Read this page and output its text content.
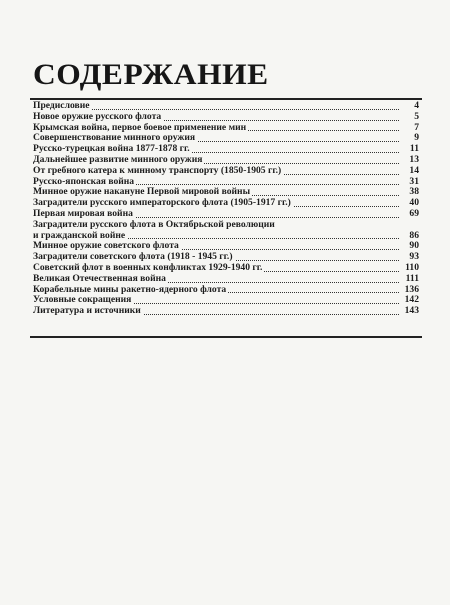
СОДЕРЖАНИЕ
Предисловие	4
Новое оружие русского флота	5
Крымская война, первое боевое применение мин	7
Совершенствование минного оружия	9
Русско-турецкая война 1877-1878 гг.	11
Дальнейшее развитие минного оружия	13
От гребного катера к минному транспорту (1850-1905 гг.)	14
Русско-японская война	31
Минное оружие накануне Первой мировой войны	38
Заградители русского императорского флота (1905-1917 гг.)	40
Первая мировая война	69
Заградители русского флота в Октябрьской революции
и гражданской войне	86
Минное оружие советского флота	90
Заградители советского флота (1918 - 1945 гг.)	93
Советский флот в военных конфликтах 1929-1940 гг.	110
Великая Отечественная война	111
Корабельные мины ракетно-ядерного флота	136
Условные сокращения	142
Литература и источники	143
